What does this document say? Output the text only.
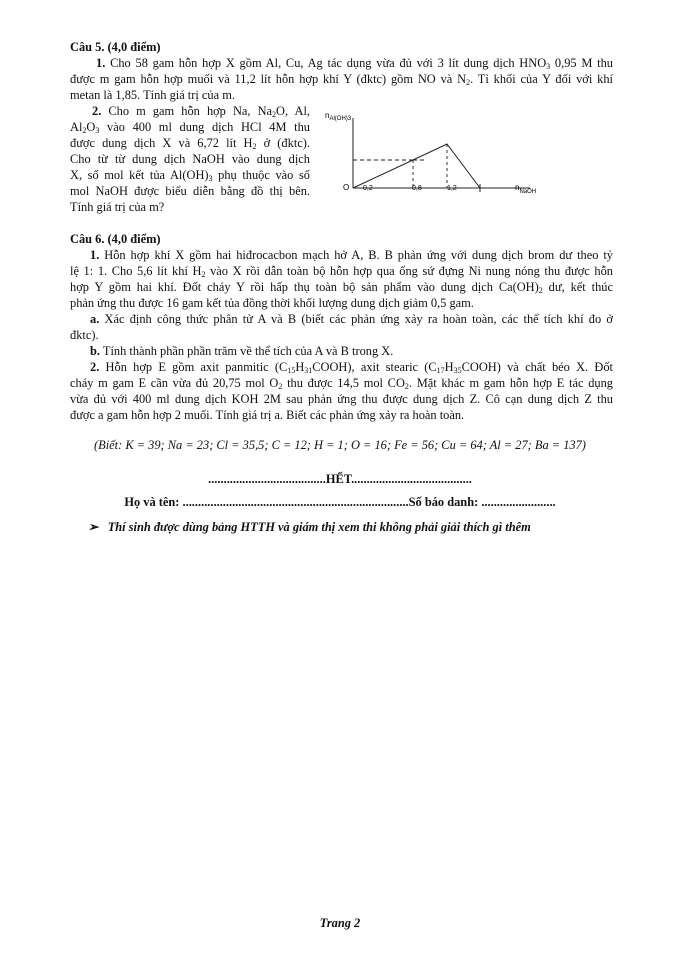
Câu 5. (4,0 điểm)
1. Cho 58 gam hỗn hợp X gồm Al, Cu, Ag tác dụng vừa đủ với 3 lít dung dịch $HNO_3$ 0,95 M thu
được m gam hỗn hợp muối và 11,2 lít hỗn hợp khí Y (đktc) gồm NO và $N_2$. Tỉ khối của Y đối với khí
metan là 1,85. Tính giá trị của m.
2. Cho m gam hỗn hợp Na, $Na_2O$, Al,
$Al_2O_3$ vào 400 ml dung dịch HCl 4M thu
được dung dịch X và 6,72 lít $H_2$ ở (đktc).
Cho từ từ dung dịch NaOH vào dung dịch
X, số mol kết tủa $Al(OH)_3$ phụ thuộc vào số
mol NaOH được biểu diễn bằng đồ thị bên.
Tính giá trị của m?
$n_{Al(OH)3}$
O 0,2	0,8	1,2	$n_{NaOH}$
Câu 6. (4,0 điểm)
1. Hỗn hợp khí X gồm hai hiđrocacbon mạch hở A, B. B phản ứng với dung dịch brom dư theo tỷ
lệ 1: 1. Cho 5,6 lít khí $H_2$ vào X rồi dẫn toàn bộ hỗn hợp qua ống sứ đựng Ni nung nóng thu được hỗn
hợp Y gồm hai khí. Đốt cháy Y rồi hấp thụ toàn bộ sản phẩm vào dung dịch $Ca(OH)_2$ dư, kết thúc
phản ứng thu được 16 gam kết tủa đồng thời khối lượng dung dịch giảm 0,5 gam.
a. Xác định công thức phân tử A và B (biết các phản ứng xảy ra hoàn toàn, các thể tích khí đo ở
đktc).
b. Tính thành phần phần trăm về thể tích của A và B trong X.
2. Hỗn hợp E gồm axit panmitic $(C_{15}H_{31}COOH)$, axit stearic $(C_{17}H_{35}COOH)$ và chất béo X. Đốt
cháy m gam E cần vừa đủ 20,75 mol $O_2$ thu được 14,5 mol $CO_2$. Mặt khác m gam hỗn hợp E tác dụng
vừa đủ với 400 ml dung dịch KOH 2M sau phản ứng thu được dung dịch Z. Cô cạn dung dịch Z thu
được a gam hỗn hợp 2 muối. Tính giá trị a. Biết các phản ứng xảy ra hoàn toàn.
(Biết: K = 39; Na = 23; Cl = 35,5; C = 12; H = 1; O = 16; Fe = 56; Cu = 64; Al = 27; Ba = 137)
......................................HẾT.......................................
Họ và tên: .........................................................................Số báo danh: ........................
➢ Thí sinh được dùng bảng HTTH và giám thị xem thi không phải giải thích gì thêm
Trang 2
